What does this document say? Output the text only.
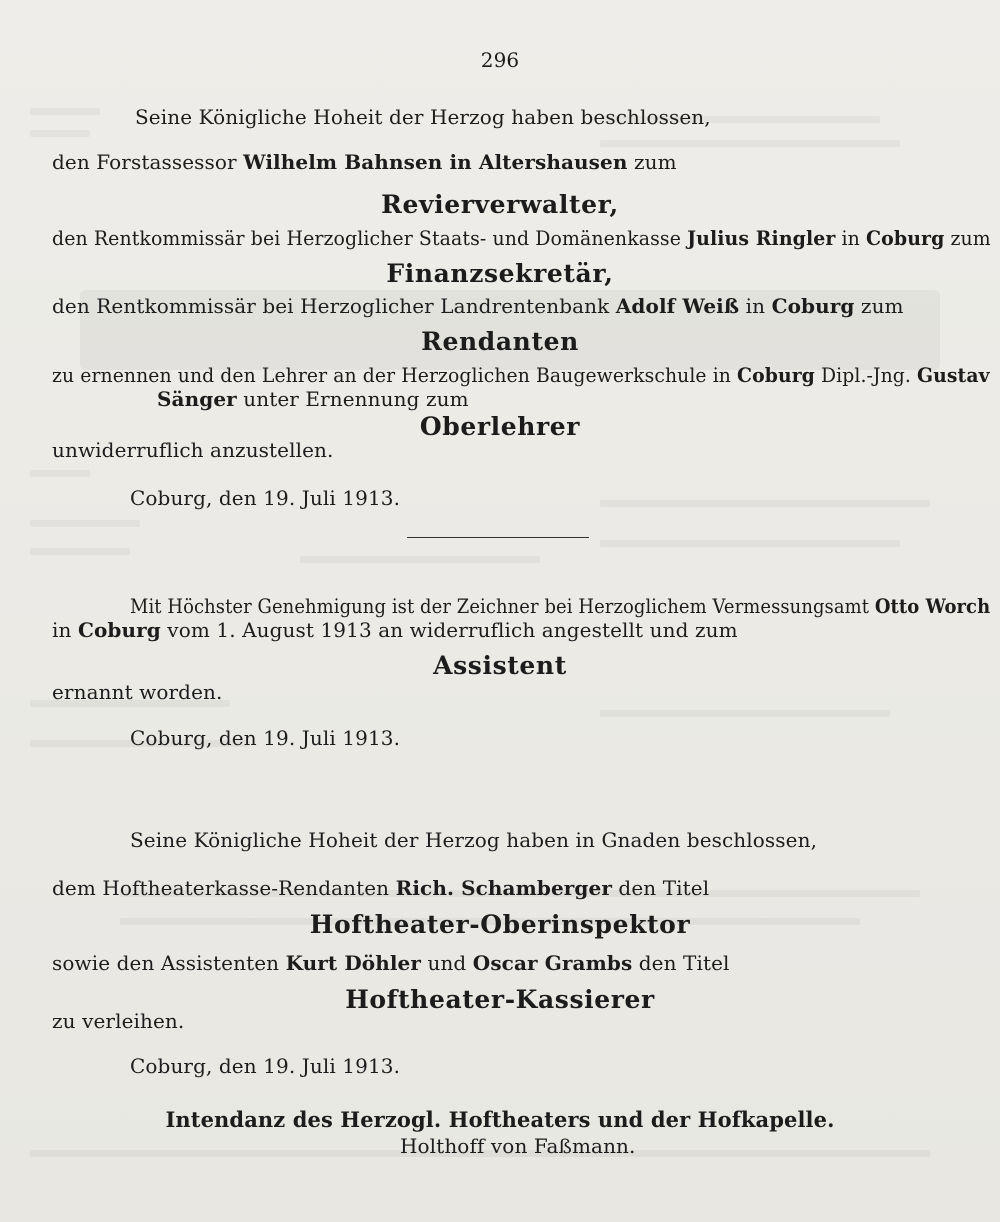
296
Seine Königliche Hoheit der Herzog haben beschlossen,
den Forstassessor Wilhelm Bahnsen in Altershausen zum
Revierverwalter,
den Rentkommissär bei Herzoglicher Staats- und Domänenkasse Julius Ringler in Coburg zum
Finanzsekretär,
den Rentkommissär bei Herzoglicher Landrentenbank Adolf Weiß in Coburg zum
Rendanten
zu ernennen und den Lehrer an der Herzoglichen Baugewerkschule in Coburg Dipl.-Jng. Gustav
Sänger unter Ernennung zum
Oberlehrer
unwiderruflich anzustellen.
Coburg, den 19. Juli 1913.
Mit Höchster Genehmigung ist der Zeichner bei Herzoglichem Vermessungsamt Otto Worch
in Coburg vom 1. August 1913 an widerruflich angestellt und zum
Assistent
ernannt worden.
Coburg, den 19. Juli 1913.
Seine Königliche Hoheit der Herzog haben in Gnaden beschlossen,
dem Hoftheaterkasse-Rendanten Rich. Schamberger den Titel
Hoftheater-Oberinspektor
sowie den Assistenten Kurt Döhler und Oscar Grambs den Titel
Hoftheater-Kassierer
zu verleihen.
Coburg, den 19. Juli 1913.
Intendanz des Herzogl. Hoftheaters und der Hofkapelle.
Holthoff von Faßmann.
